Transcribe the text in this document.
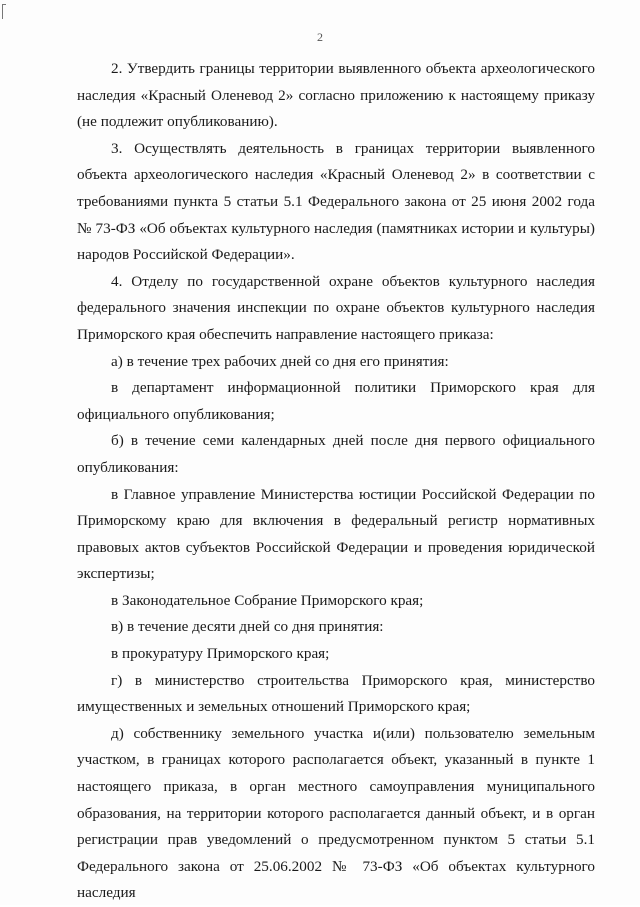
2

2. Утвердить границы территории выявленного объекта археологического наследия «Красный Оленевод 2» согласно приложению к настоящему приказу (не подлежит опубликованию).

3. Осуществлять деятельность в границах территории выявленного объекта археологического наследия «Красный Оленевод 2» в соответствии с требованиями пункта 5 статьи 5.1 Федерального закона от 25 июня 2002 года № 73-ФЗ «Об объектах культурного наследия (памятниках истории и культуры) народов Российской Федерации».

4. Отделу по государственной охране объектов культурного наследия федерального значения инспекции по охране объектов культурного наследия Приморского края обеспечить направление настоящего приказа:

а) в течение трех рабочих дней со дня его принятия:

в департамент информационной политики Приморского края для официального опубликования;

б) в течение семи календарных дней после дня первого официального опубликования:

в Главное управление Министерства юстиции Российской Федерации по Приморскому краю для включения в федеральный регистр нормативных правовых актов субъектов Российской Федерации и проведения юридической экспертизы;

в Законодательное Собрание Приморского края;

в) в течение десяти дней со дня принятия:

в прокуратуру Приморского края;

г) в министерство строительства Приморского края, министерство имущественных и земельных отношений Приморского края;

д) собственнику земельного участка и(или) пользователю земельным участком, в границах которого располагается объект, указанный в пункте 1 настоящего приказа, в орган местного самоуправления муниципального образования, на территории которого располагается данный объект, и в орган регистрации прав уведомлений о предусмотренном пунктом 5 статьи 5.1 Федерального закона от 25.06.2002 № 73-ФЗ «Об объектах культурного наследия
